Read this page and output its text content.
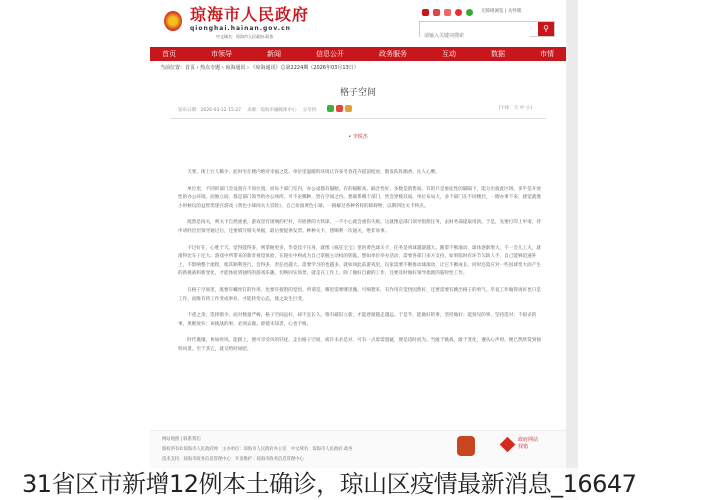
琼海市人民政府
qionghai.hainan.gov.cn
中文域名：琼海市人民政府.政务
无障碍浏览 | 关怀版
请输入关键词搜索
⚲
首页	市领导	新闻	信息公开	政务服务	互动	数据	市情
当前位置：首页 › 热点专题 › 琼海通讯 › 《琼海通讯》总第2224期（2026年03月13日）
格子空间
发布日期：2026-03-12 15:27 来源：琼海市融媒体中心 分享到：	[字体：大 中 小]
• 李锐杰

天寒，街上行人稀少，此时宅在楼内绝对幸福之选。单位里温暖的环境让许多冬春花卉提前绽放，散发阵阵幽香，沁人心脾。

单位里，不同的部门会设置在不同位置。而每个部门室内，办公桌都有隔断。有的隔断高，隔音性好，多数是销售间。有的只是象征性的隔隔下，能分出彼此区域，多半是开放性的办公环境。而独立间，都是部门领导的办公场所。可不论哪种，皆在空间之内。想联系哪个部门，皆会穿梭其间。单位布局大，多个部门在不同楼层，一圈办事下来，感觉就像小时候玩的益智类迷宫游戏《黄色小球闯关大冒险》，自己扮演黄色小球，一路解过各种各样的障碍物，以期到达关卡终点。

既然是闯关，则关卡自然重重。游戏里有琉璃的栏杆，有摇摆的大铁球，一不小心就会重伤失败。这就像是部门领导指派任务，去财务部提取用款。于是，先要打印上申请，待申请经层层领导通过后，还要填写相关单据，最后要提供发票。种种关卡，想顺利一次通关，绝非易事。

不过好在，心胜于天。觉得能得多，则掌握更多，毕竟技不压身，就像《疯狂宝宝》里的黄色球关卡，任务是将球越滚越大。随着不断滚动，球体逐渐增大，不一会儿工夫，就滚得比车子还大。游戏中所带来的新奇视觉体验，在现实中则成为自己掌握主动权的钥匙。譬如单位举办活动，需要各部门多方支持，如果临时有环节欠缺人手，自己能够迅速补上，不影响整个流程，使其顺利进行。会得多，责任也越大，需要学习的也越多。就如同此前游戏里，玩家需要不断推动球滚动，让它不断成长，同时还需应对一些因球变大而产生的新挑战和新变化，才能体验到独特的游戏乐趣。切换回实场景，就是在工作上，除了做好自做的工作，还要及时做好领导指派的临时性工作。

在格子空间里，既要有螺丝钉的作用，也要有扳钳的觉悟。所谓是，哪里需要哪里搬。可细想来，有作用有觉悟固然好，还要需要有跳出格子的勇气。毕竟工作做得再好也只是工作，而唯有将工作变成事业，才能转变心态，使之发生巨变。

不惑之余，选择渐少。面对数量严峻，格子空间虽好，却不宜长久。唯有破旧立新，才能逐渐越走越远。于是乎，能做好的事，坚持做好；能预见的事，坚持选对；不稳妥的事，果断放弃；该挑战的事，必须去做。即使未知者，心也不悔。

时代裹攘，快如疾风。能跟上，便可享受风的轻抚。走出格子空间，或许未必是对，可有一点毋需置疑，便是适时而为。当敢于挑战，敢于变化，遵从心声时，便已然欣赏到独特风景。至于其它，就交给时间吧。

网站地图 | 联系我们
版权所有©琼海市人民政府网　主办单位：琼海市人民政府办公室　中文域名：琼海市人民政府.政务
技术支持：琼海市政务信息管理中心　开发维护：琼海市政务信息管理中心
政府网站 找错
31省区市新增12例本土确诊，琼山区疫情最新消息_16647
